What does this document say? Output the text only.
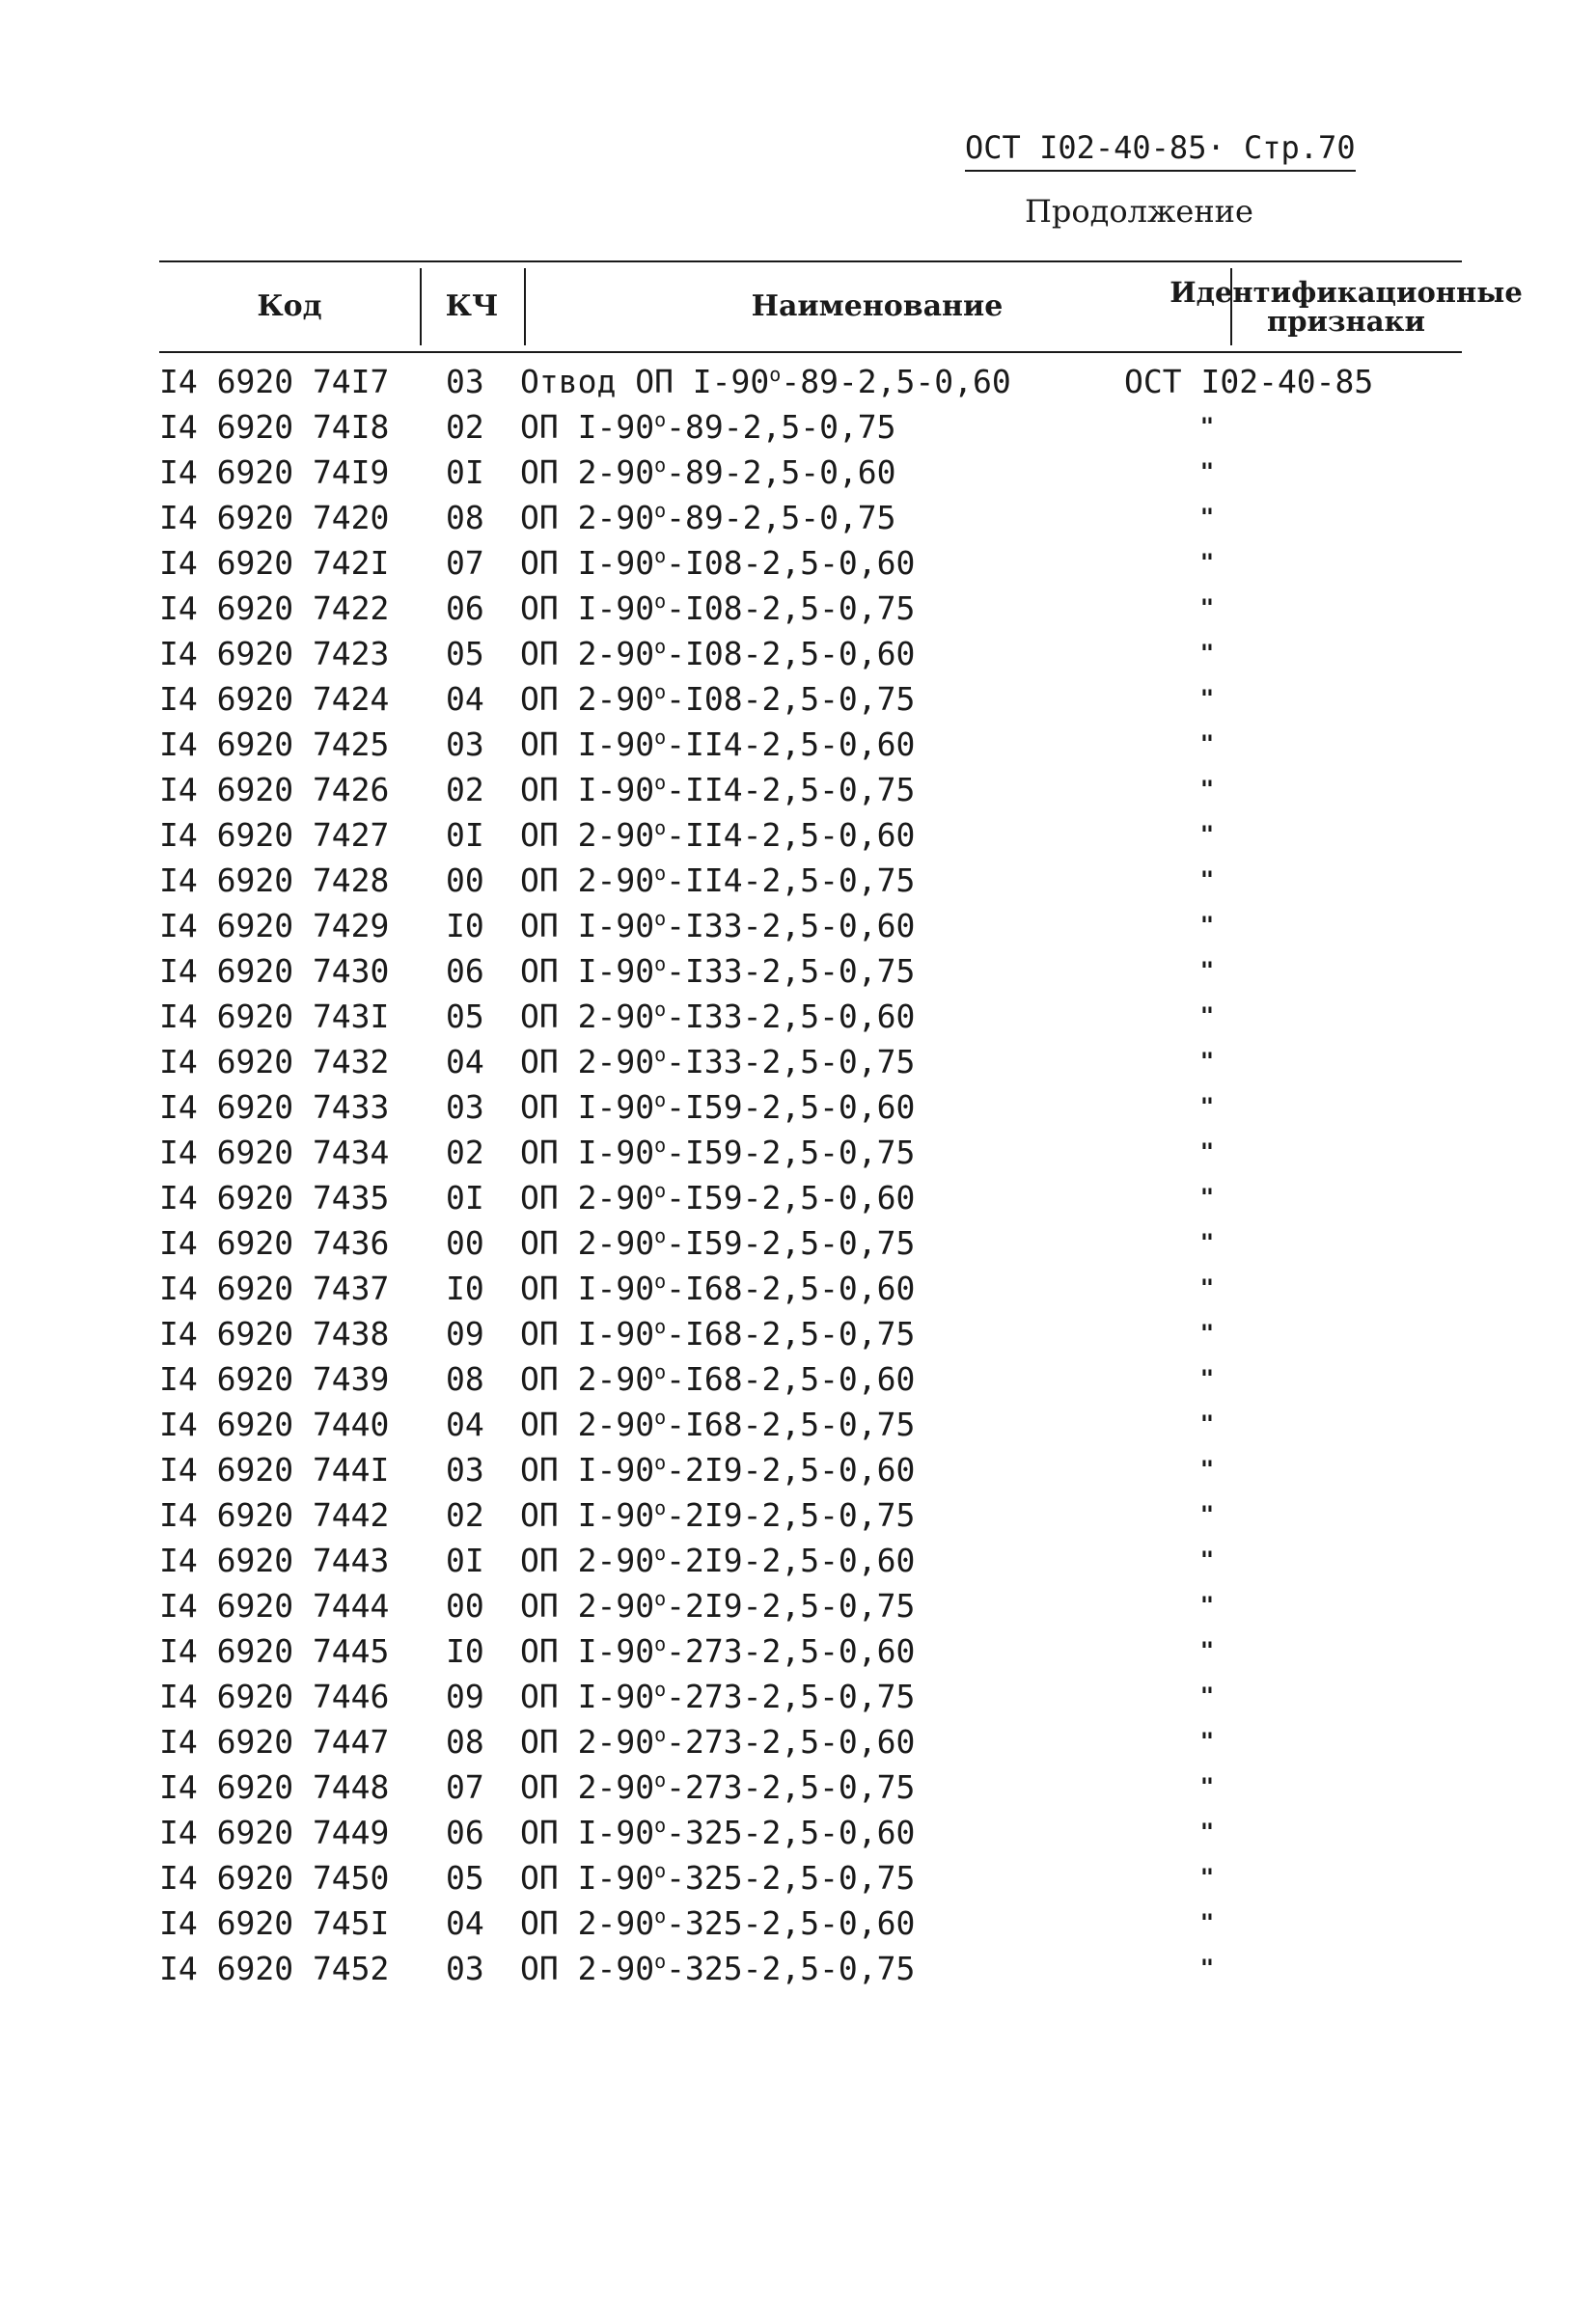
ОСТ I02-40-85· Стр.70
Продолжение
Код	КЧ	Наименование	Идентификационные признаки
I4 6920 74I7	03	Отвод ОП I-90$^o$-89-2,5-0,60	ОСТ I02-40-85
I4 6920 74I8	02	ОП I-90$^o$-89-2,5-0,75	"
I4 6920 74I9	0I	ОП 2-90$^o$-89-2,5-0,60	"
I4 6920 7420	08	ОП 2-90$^o$-89-2,5-0,75	"
I4 6920 742I	07	ОП I-90$^o$-I08-2,5-0,60	"
I4 6920 7422	06	ОП I-90$^o$-I08-2,5-0,75	"
I4 6920 7423	05	ОП 2-90$^o$-I08-2,5-0,60	"
I4 6920 7424	04	ОП 2-90$^o$-I08-2,5-0,75	"
I4 6920 7425	03	ОП I-90$^o$-II4-2,5-0,60	"
I4 6920 7426	02	ОП I-90$^o$-II4-2,5-0,75	"
I4 6920 7427	0I	ОП 2-90$^o$-II4-2,5-0,60	"
I4 6920 7428	00	ОП 2-90$^o$-II4-2,5-0,75	"
I4 6920 7429	I0	ОП I-90$^o$-I33-2,5-0,60	"
I4 6920 7430	06	ОП I-90$^o$-I33-2,5-0,75	"
I4 6920 743I	05	ОП 2-90$^o$-I33-2,5-0,60	"
I4 6920 7432	04	ОП 2-90$^o$-I33-2,5-0,75	"
I4 6920 7433	03	ОП I-90$^o$-I59-2,5-0,60	"
I4 6920 7434	02	ОП I-90$^o$-I59-2,5-0,75	"
I4 6920 7435	0I	ОП 2-90$^o$-I59-2,5-0,60	"
I4 6920 7436	00	ОП 2-90$^o$-I59-2,5-0,75	"
I4 6920 7437	I0	ОП I-90$^o$-I68-2,5-0,60	"
I4 6920 7438	09	ОП I-90$^o$-I68-2,5-0,75	"
I4 6920 7439	08	ОП 2-90$^o$-I68-2,5-0,60	"
I4 6920 7440	04	ОП 2-90$^o$-I68-2,5-0,75	"
I4 6920 744I	03	ОП I-90$^o$-2I9-2,5-0,60	"
I4 6920 7442	02	ОП I-90$^o$-2I9-2,5-0,75	"
I4 6920 7443	0I	ОП 2-90$^o$-2I9-2,5-0,60	"
I4 6920 7444	00	ОП 2-90$^o$-2I9-2,5-0,75	"
I4 6920 7445	I0	ОП I-90$^o$-273-2,5-0,60	"
I4 6920 7446	09	ОП I-90$^o$-273-2,5-0,75	"
I4 6920 7447	08	ОП 2-90$^o$-273-2,5-0,60	"
I4 6920 7448	07	ОП 2-90$^o$-273-2,5-0,75	"
I4 6920 7449	06	ОП I-90$^o$-325-2,5-0,60	"
I4 6920 7450	05	ОП I-90$^o$-325-2,5-0,75	"
I4 6920 745I	04	ОП 2-90$^o$-325-2,5-0,60	"
I4 6920 7452	03	ОП 2-90$^o$-325-2,5-0,75	"
